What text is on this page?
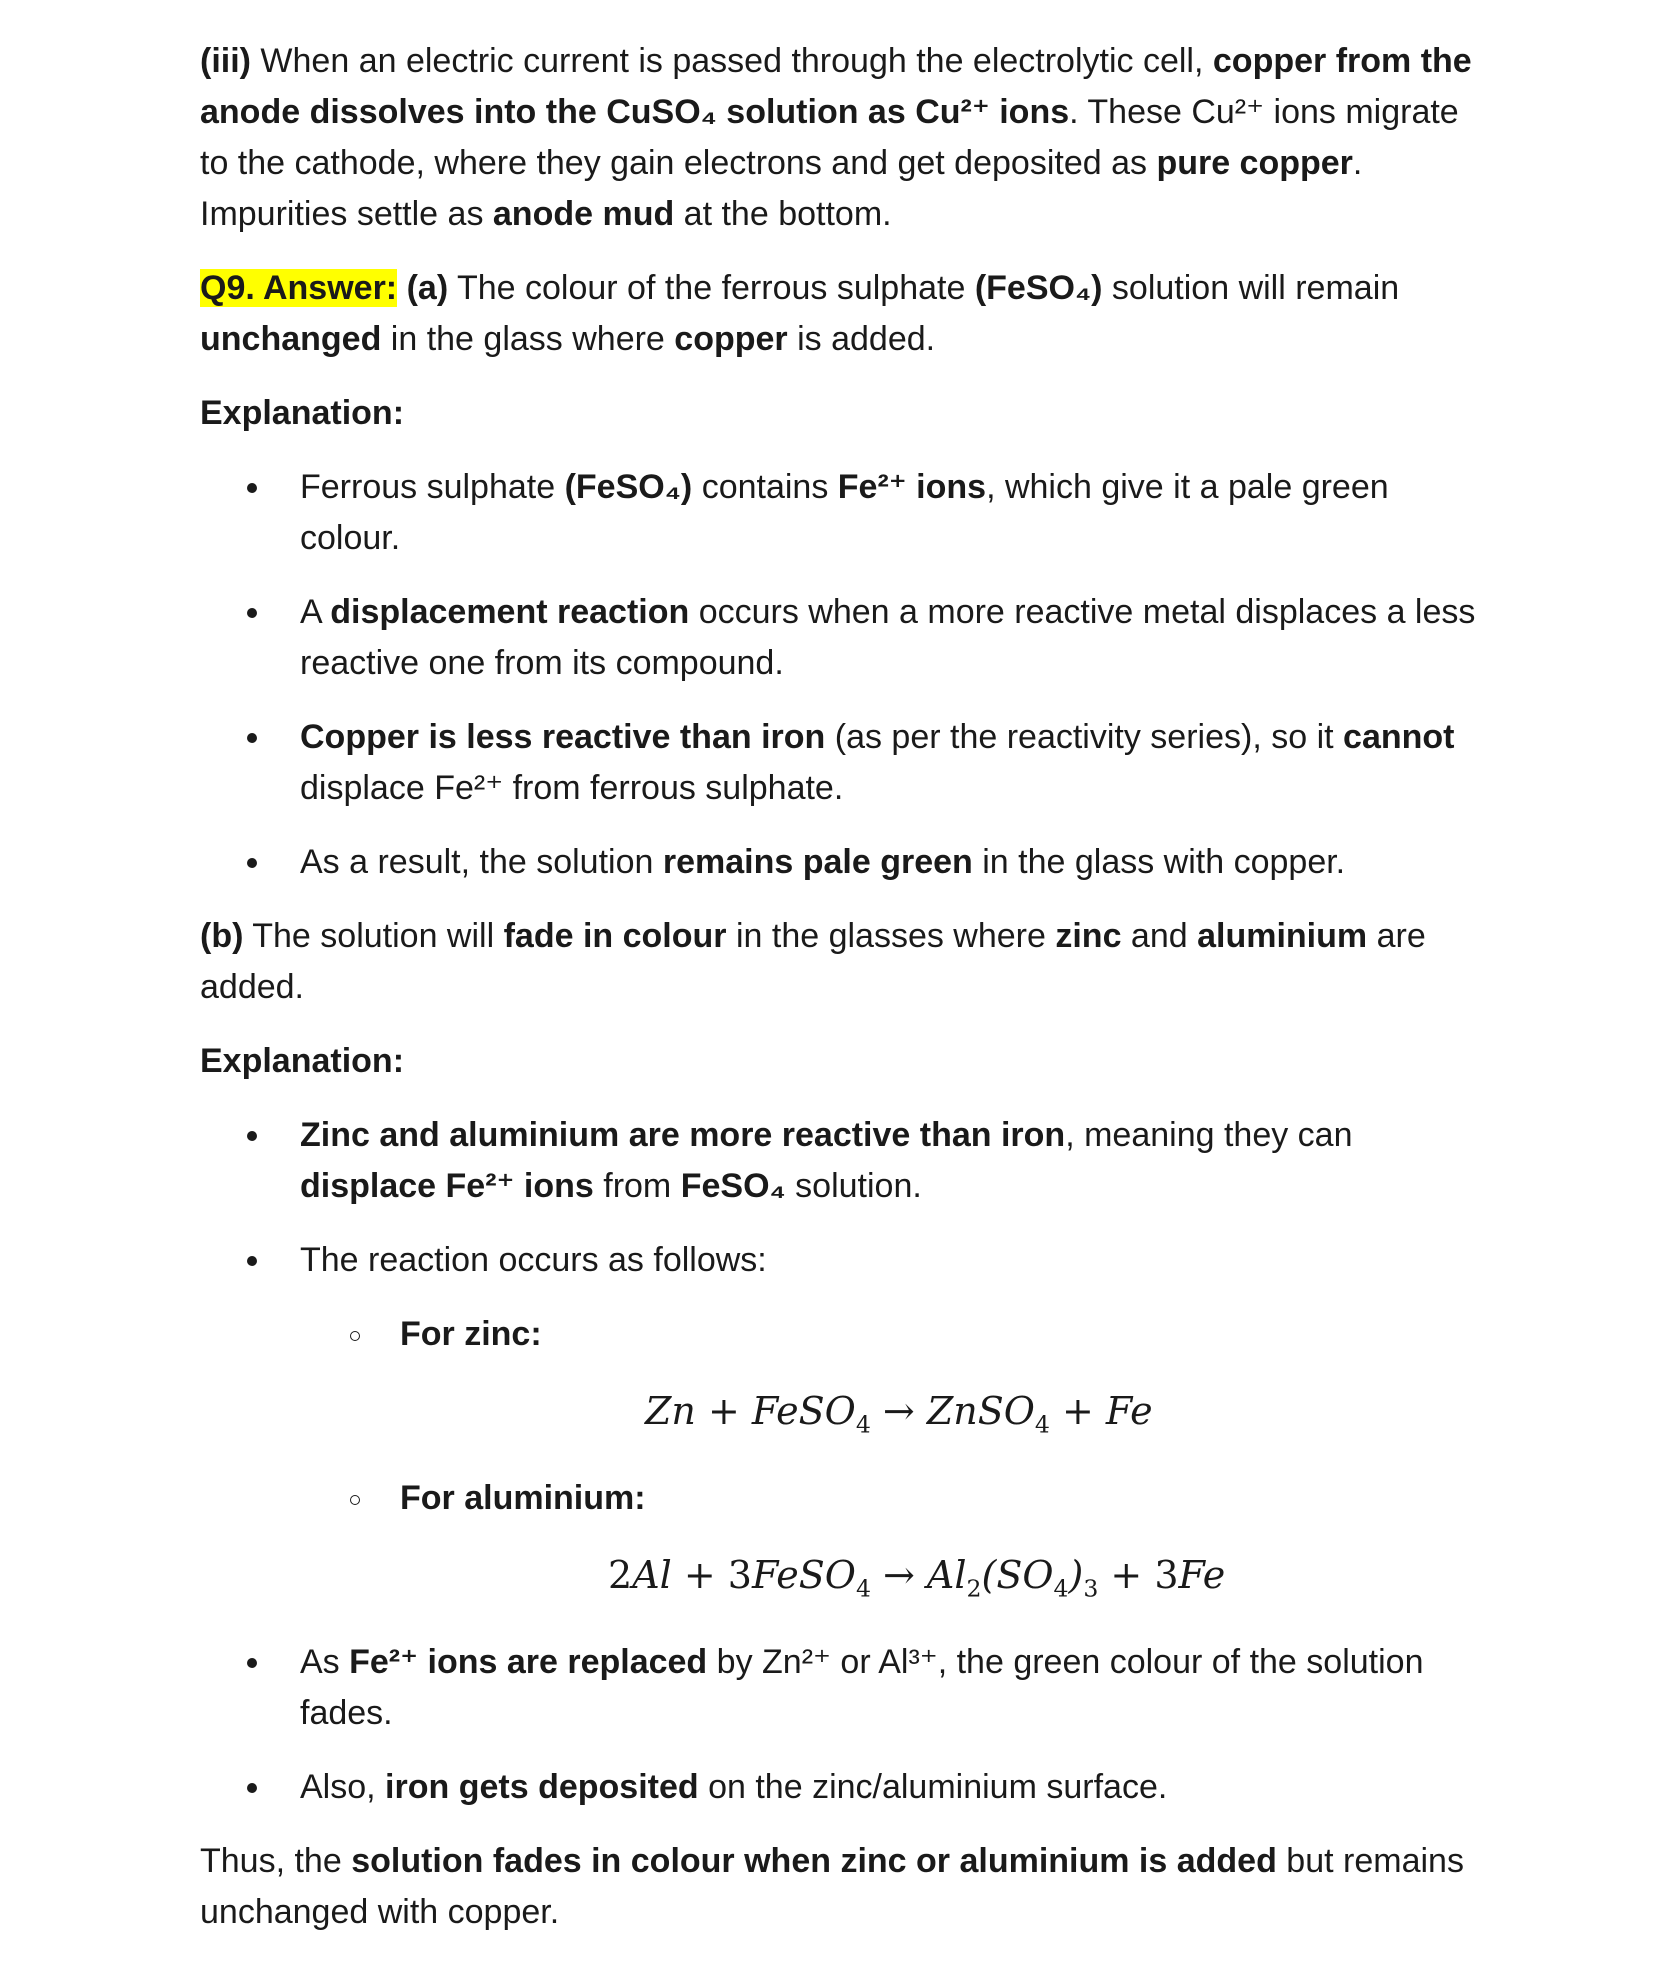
(iii) When an electric current is passed through the electrolytic cell, copper from the anode dissolves into the CuSO₄ solution as Cu²⁺ ions. These Cu²⁺ ions migrate to the cathode, where they gain electrons and get deposited as pure copper. Impurities settle as anode mud at the bottom.

Q9. Answer: (a) The colour of the ferrous sulphate (FeSO₄) solution will remain unchanged in the glass where copper is added.

Explanation:

Ferrous sulphate (FeSO₄) contains Fe²⁺ ions, which give it a pale green colour.
A displacement reaction occurs when a more reactive metal displaces a less reactive one from its compound.
Copper is less reactive than iron (as per the reactivity series), so it cannot displace Fe²⁺ from ferrous sulphate.
As a result, the solution remains pale green in the glass with copper.

(b) The solution will fade in colour in the glasses where zinc and aluminium are added.

Explanation:

Zinc and aluminium are more reactive than iron, meaning they can displace Fe²⁺ ions from FeSO₄ solution.
The reaction occurs as follows:
For zinc:
Zn + FeSO$_4$ → ZnSO$_4$ + Fe
For aluminium:
2Al + 3FeSO$_4$ → $Al_2(SO_4)_3 + 3Fe$
As Fe²⁺ ions are replaced by Zn²⁺ or Al³⁺, the green colour of the solution fades.
Also, iron gets deposited on the zinc/aluminium surface.

Thus, the solution fades in colour when zinc or aluminium is added but remains unchanged with copper.
